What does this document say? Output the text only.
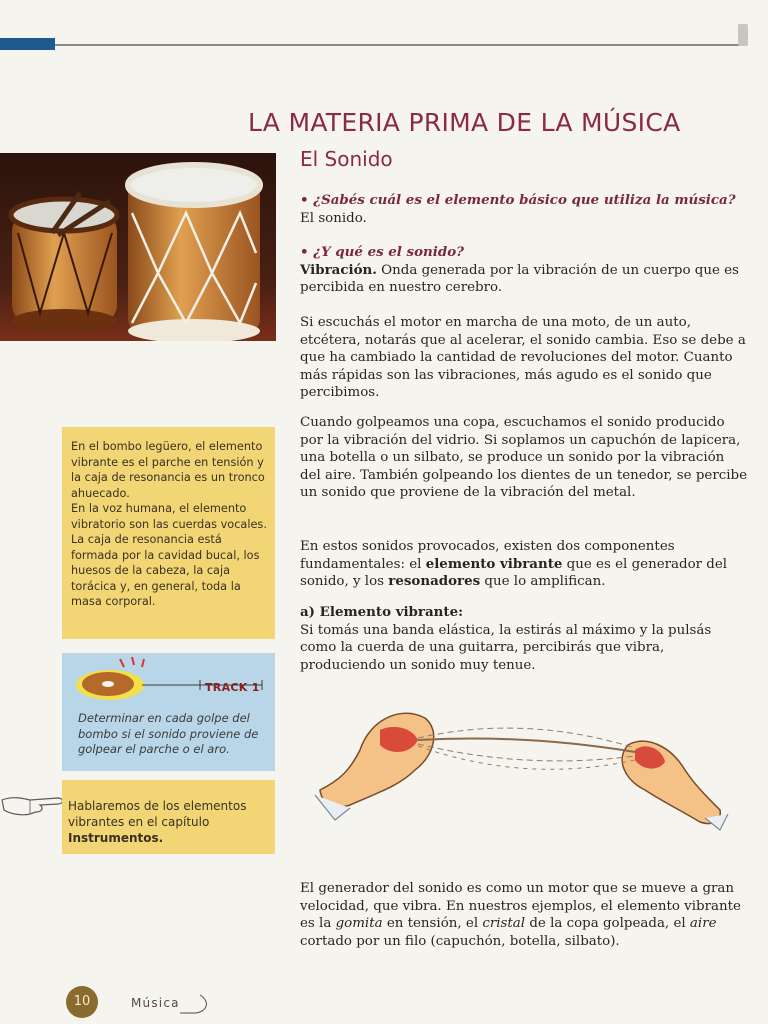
LA MATERIA PRIMA DE LA MÚSICA
El Sonido

• ¿Sabés cuál es el elemento básico que utiliza la música?

El sonido.

• ¿Y qué es el sonido?

Vibración. Onda generada por la vibración de un cuerpo que es percibida en nuestro cerebro.

Si escuchás el motor en marcha de una moto, de un auto, etcétera, notarás que al acelerar, el sonido cambia. Eso se debe a que ha cambiado la cantidad de revoluciones del motor. Cuanto más rápidas son las vibraciones, más agudo es el sonido que percibimos.

Cuando golpeamos una copa, escuchamos el sonido producido por la vibración del vidrio. Si soplamos un capuchón de lapicera, una botella o un silbato, se produce un sonido por la vibración del aire. También golpeando los dientes de un tenedor, se percibe un sonido que proviene de la vibración del metal.

En estos sonidos provocados, existen dos componentes fundamentales: el elemento vibrante que es el generador del sonido, y los resonadores que lo amplifican.

a) Elemento vibrante:

Si tomás una banda elástica, la estirás al máximo y la pulsás como la cuerda de una guitarra, percibirás que vibra, produciendo un sonido muy tenue.

El generador del sonido es como un motor que se mueve a gran velocidad, que vibra. En nuestros ejemplos, el elemento vibrante es la gomita en tensión, el cristal de la copa golpeada, el aire cortado por un filo (capuchón, botella, silbato).

En el bombo legüero, el elemento vibrante es el parche en tensión y la caja de resonancia es un tronco ahuecado.
En la voz humana, el elemento vibratorio son las cuerdas vocales. La caja de resonancia está formada por la cavidad bucal, los huesos de la cabeza, la caja torácica y, en general, toda la masa corporal.
TRACK 1
Determinar en cada golpe del bombo si el sonido proviene de golpear el parche o el aro.
Hablaremos de los elementos vibrantes en el capítulo Instrumentos.
10	Música
